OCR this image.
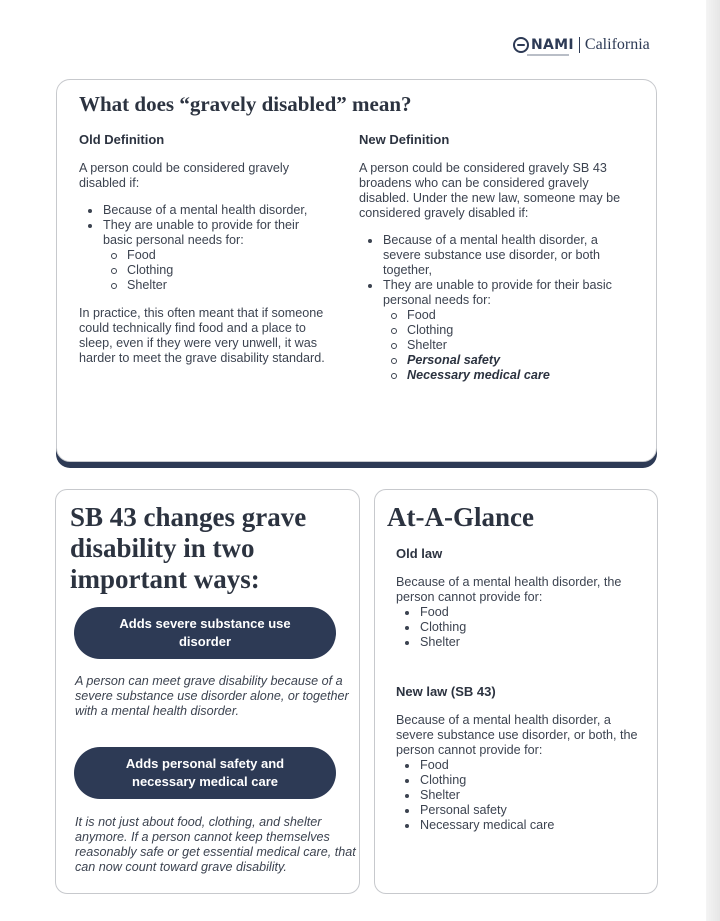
NAMI California
What does “gravely disabled” mean?
Old Definition

A person could be considered gravely disabled if:

Because of a mental health disorder,
They are unable to provide for their basic personal needs for:
Food
Clothing
Shelter

In practice, this often meant that if someone could technically find food and a place to sleep, even if they were very unwell, it was harder to meet the grave disability standard.

New Definition

A person could be considered gravely SB 43 broadens who can be considered gravely disabled. Under the new law, someone may be considered gravely disabled if:

Because of a mental health disorder, a severe substance use disorder, or both together,
They are unable to provide for their basic personal needs for:
Food
Clothing
Shelter
Personal safety
Necessary medical care
SB 43 changes grave disability in two important ways:
Adds severe substance use disorder

A person can meet grave disability because of a severe substance use disorder alone, or together with a mental health disorder.

Adds personal safety and necessary medical care

It is not just about food, clothing, and shelter anymore. If a person cannot keep themselves reasonably safe or get essential medical care, that can now count toward grave disability.

At-A-Glance
Old law

Because of a mental health disorder, the person cannot provide for:

Food
Clothing
Shelter
New law (SB 43)

Because of a mental health disorder, a severe substance use disorder, or both, the person cannot provide for:

Food
Clothing
Shelter
Personal safety
Necessary medical care
